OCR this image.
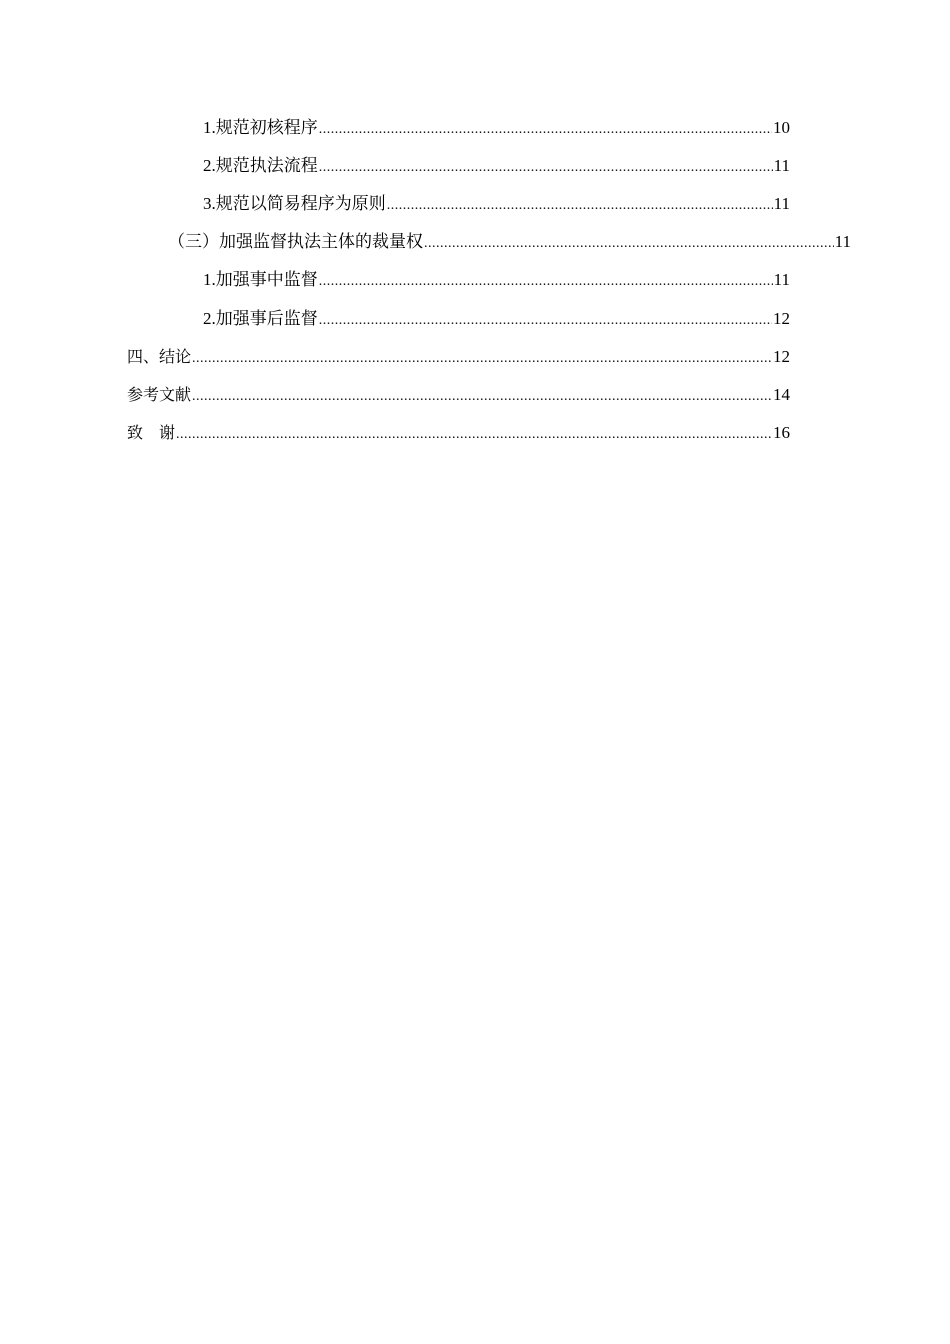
1.规范初核程序 .....	10
2.规范执法流程 .....	11
3.规范以简易程序为原则 .....	11
（三）加强监督执法主体的裁量权 .....	11
1.加强事中监督 .....	11
2.加强事后监督 .....	12
四、结论 .....	12
参考文献 .....	14
致　谢 .....	16
